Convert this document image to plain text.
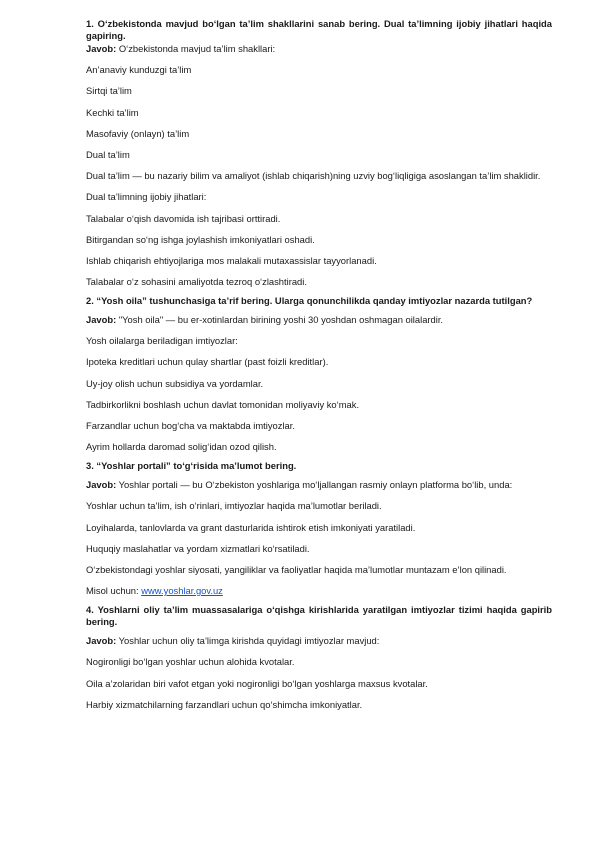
1. O‘zbekistonda mavjud bo‘lgan ta’lim shakllarini sanab bering. Dual ta’limning ijobiy jihatlari haqida gapiring.

Javob: O‘zbekistonda mavjud ta’lim shakllari:

An’anaviy kunduzgi ta’lim

Sirtqi ta’lim

Kechki ta’lim

Masofaviy (onlayn) ta’lim

Dual ta’lim

Dual ta’lim — bu nazariy bilim va amaliyot (ishlab chiqarish)ning uzviy bog‘liqligiga asoslangan ta’lim shaklidir.

Dual ta’limning ijobiy jihatlari:

Talabalar o‘qish davomida ish tajribasi orttiradi.

Bitirgandan so‘ng ishga joylashish imkoniyatlari oshadi.

Ishlab chiqarish ehtiyojlariga mos malakali mutaxassislar tayyorlanadi.

Talabalar o‘z sohasini amaliyotda tezroq o‘zlashtiradi.

2. “Yosh oila” tushunchasiga ta’rif bering. Ularga qonunchilikda qanday imtiyozlar nazarda tutilgan?

Javob: "Yosh oila" — bu er-xotinlardan birining yoshi 30 yoshdan oshmagan oilalardir.

Yosh oilalarga beriladigan imtiyozlar:

Ipoteka kreditlari uchun qulay shartlar (past foizli kreditlar).

Uy-joy olish uchun subsidiya va yordamlar.

Tadbirkorlikni boshlash uchun davlat tomonidan moliyaviy ko‘mak.

Farzandlar uchun bog‘cha va maktabda imtiyozlar.

Ayrim hollarda daromad solig‘idan ozod qilish.

3. “Yoshlar portali” to‘g‘risida ma’lumot bering.

Javob: Yoshlar portali — bu O‘zbekiston yoshlariga mo‘ljallangan rasmiy onlayn platforma bo‘lib, unda:

Yoshlar uchun ta’lim, ish o‘rinlari, imtiyozlar haqida ma’lumotlar beriladi.

Loyihalarda, tanlovlarda va grant dasturlarida ishtirok etish imkoniyati yaratiladi.

Huquqiy maslahatlar va yordam xizmatlari ko‘rsatiladi.

O‘zbekistondagi yoshlar siyosati, yangiliklar va faoliyatlar haqida ma’lumotlar muntazam e’lon qilinadi.

Misol uchun: www.yoshlar.gov.uz

4. Yoshlarni oliy ta’lim muassasalariga o‘qishga kirishlarida yaratilgan imtiyozlar tizimi haqida gapirib bering.

Javob: Yoshlar uchun oliy ta’limga kirishda quyidagi imtiyozlar mavjud:

Nogironligi bo‘lgan yoshlar uchun alohida kvotalar.

Oila a’zolaridan biri vafot etgan yoki nogironligi bo‘lgan yoshlarga maxsus kvotalar.

Harbiy xizmatchilarning farzandlari uchun qo‘shimcha imkoniyatlar.
